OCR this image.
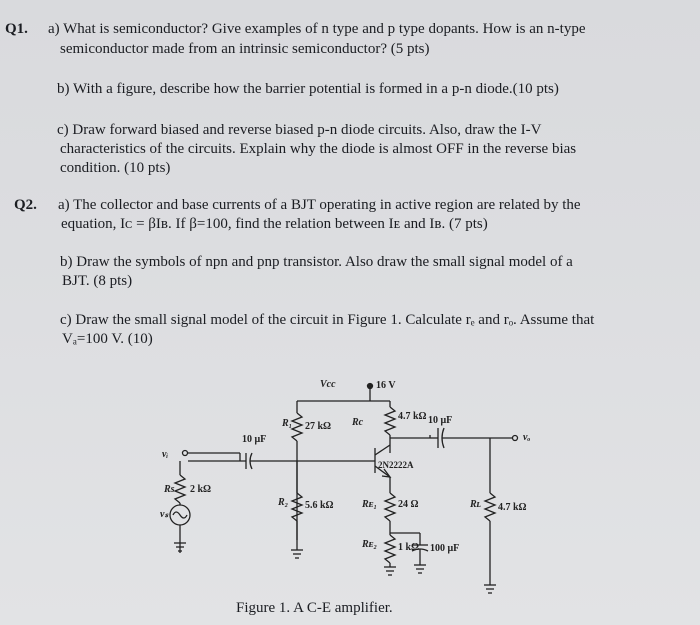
Q1. a) What is semiconductor? Give examples of n type and p type dopants. How is an n-type
semiconductor made from an intrinsic semiconductor? (5 pts)
b) With a figure, describe how the barrier potential is formed in a p-n diode.(10 pts)
c) Draw forward biased and reverse biased p-n diode circuits. Also, draw the I-V
characteristics of the circuits. Explain why the diode is almost OFF in the reverse bias
condition. (10 pts)
Q2. a) The collector and base currents of a BJT operating in active region are related by the
equation, Iᴄ = βIʙ. If β=100, find the relation between Iᴇ and Iʙ. (7 pts)
b) Draw the symbols of npn and pnp transistor. Also draw the small signal model of a
BJT. (8 pts)
c) Draw the small signal model of the circuit in Figure 1. Calculate rₑ and rₒ. Assume that
Vₐ=100 V. (10)
Vcc	16 V
R₁ 27 kΩ Rc
4.7 kΩ
10 μF
10 μF
2N2222A
vᵢ
vₒ
Rs 2 kΩ
vₛ
R₂ 5.6 kΩ	Rᴇ₁ 24 Ω
Rᴇ₂ 1 kΩ 100 μF
Rʟ 4.7 kΩ
Figure 1. A C-E amplifier.
